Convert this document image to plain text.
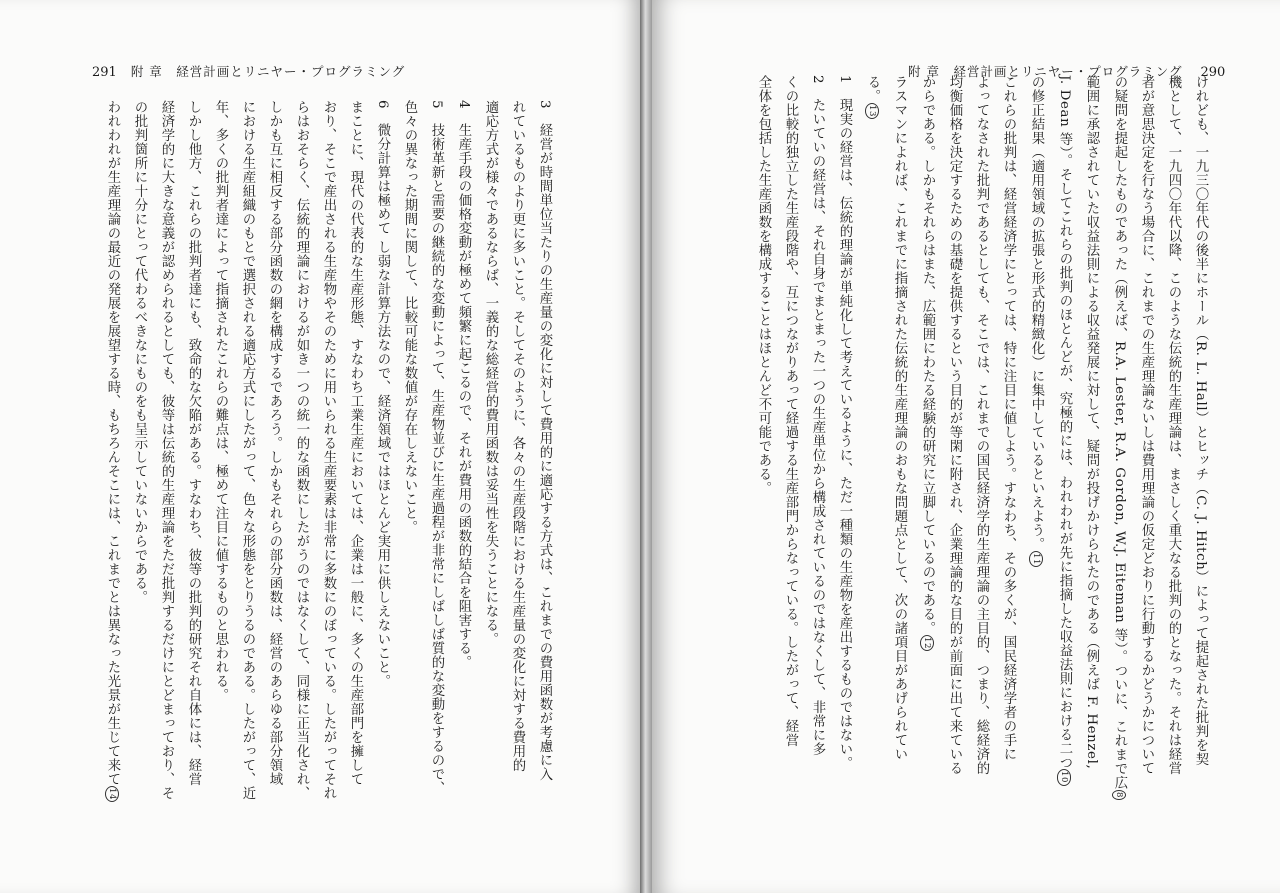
291 附 章　経営計画とリニヤー・プログラミング
3　経営が時間単位当たりの生産量の変化に対して費用的に適応する方式は、これまでの費用函数が考慮に入
れているものより更に多いこと。そしてそのように、各々の生産段階における生産量の変化に対する費用的
適応方式が様々であるならば、一義的な総経営的費用函数は妥当性を失うことになる。
4　生産手段の価格変動が極めて頻繁に起こるので、それが費用の函数的結合を阻害する。
5　技術革新と需要の継続的な変動によって、生産物並びに生産過程が非常にしばしば質的な変動をするので、
色々の異なった期間に関して、比較可能な数値が存在しえないこと。
6　微分計算は極めて し弱な計算方法なので、経済領域ではほとんど実用に供しえないこと。
まことに、現代の代表的な生産形態、すなわち工業生産においては、企業は一般に、多くの生産部門を擁して
おり、そこで産出される生産物やそのために用いられる生産要素は非常に多数にのぼっている。したがってそれ
らはおそらく、伝統的理論におけるが如き一つの統一的な函数にしたがうのではなくして、同様に正当化され、
しかも互に相反する部分函数の網を構成するであろう。しかもそれらの部分函数は、経営のあらゆる部分領域
における生産組織のもとで選択される適応方式にしたがって、色々な形態をとりうるのである。したがって、近
年、多くの批判者達によって指摘されたこれらの難点は、極めて注目に値するものと思われる。
しかし他方、これらの批判者達にも、致命的な欠陥がある。すなわち、彼等の批判的研究それ自体には、経営
経済学的に大きな意義が認められるとしても、彼等は伝統的生産理論をただ批判するだけにとどまっており、そ
の批判箇所に十分にとって代わるべきなにものをも呈示していないからである。
われわれが生産理論の最近の発展を展望する時、もちろんそこには、これまでとは異なった光景が生じて来て14
附 章　経営計画とリニヤー・プログラミング 290
けれども、一九三〇年代の後半にホール（R. L. Hall）とヒッチ（C. J. Hitch）によって提起された批判を契
機として、一九四〇年代以降、このような伝統的生産理論は、まさしく重大なる批判の的となった。それは経営
者が意思決定を行なう場合に、これまでの生産理論ないしは費用理論の仮定どおりに行動するかどうかについて
の疑問を提起したものであった（例えば、R.A. Lester, R.A. Gordon, W.J. Eiteman 等）。ついに、これまで広8
範囲に承認されていた収益法則による収益発展に対して、疑問が投げかけられたのである（例えば F. Henzel,
J. Dean 等）。そしてこれらの批判のほとんどが、究極的には、われわれが先に指摘した収益法則における二つ10
の修正結果（適用領域の拡張と形式的精緻化）に集中しているといえよう。11
これらの批判は、経営経済学にとっては、特に注目に値しよう。すなわち、その多くが、国民経済学者の手に
よってなされた批判であるとしても、そこでは、これまでの国民経済学的生産理論の主目的、つまり、総経済的
均衡価格を決定するための基礎を提供するという目的が等閑に附され、企業理論的な目的が前面に出て来ている
からである。しかもそれらはまた、広範囲にわたる経験的研究に立脚しているのである。12
ラスマンによれば、これまでに指摘された伝統的生産理論のおもな問題点として、次の諸項目があげられてい
る。13
1　現実の経営は、伝統的理論が単純化して考えているように、ただ一種類の生産物を産出するものではない。
2　たいていの経営は、それ自身でまとまった一つの生産単位から構成されているのではなくして、非常に多
くの比較的独立した生産段階や、互につながりあって経過する生産部門からなっている。したがって、経営
全体を包括した生産函数を構成することはほとんど不可能である。
